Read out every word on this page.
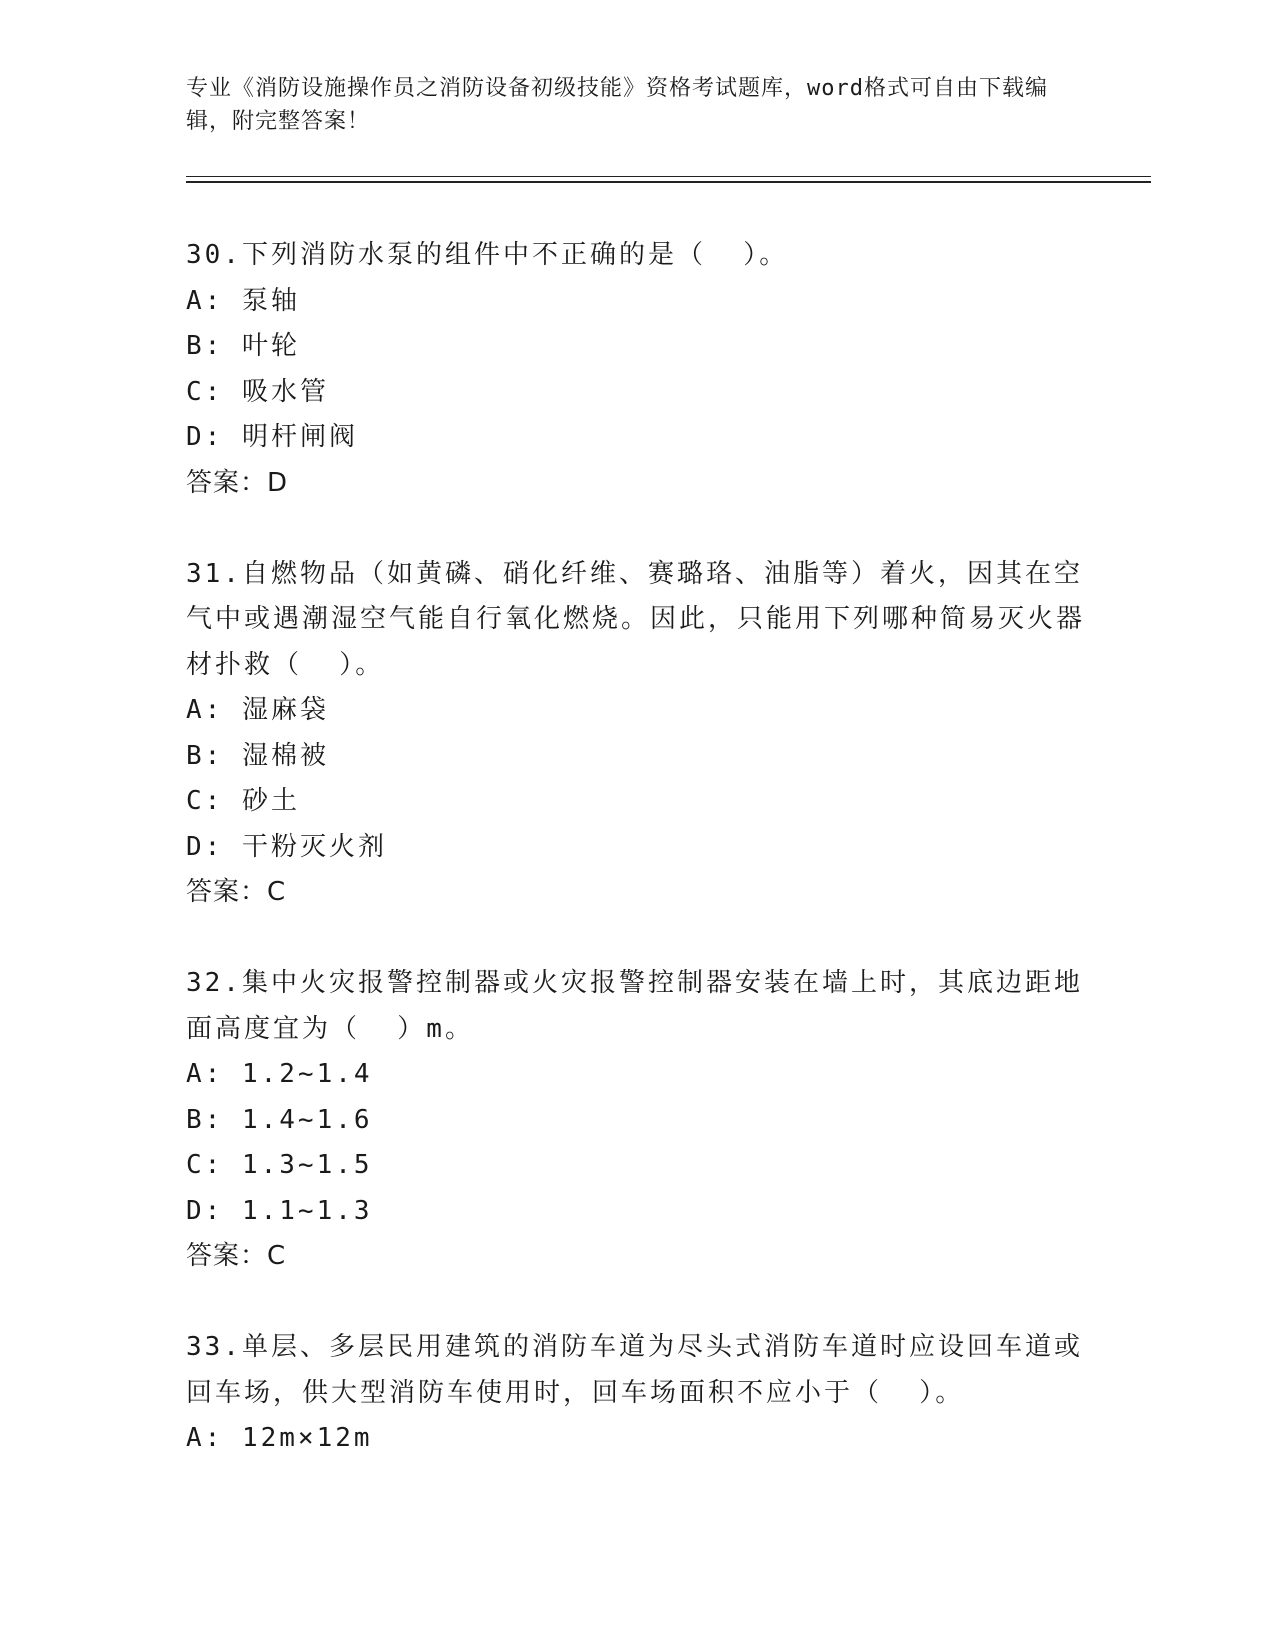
专业《消防设施操作员之消防设备初级技能》资格考试题库，word格式可自由下载编辑，附完整答案！
30.下列消防水泵的组件中不正确的是（  ）。
A: 泵轴
B: 叶轮
C: 吸水管
D: 明杆闸阀
答案：D
31.自燃物品（如黄磷、硝化纤维、赛璐珞、油脂等）着火，因其在空气中或遇潮湿空气能自行氧化燃烧。因此，只能用下列哪种简易灭火器材扑救（  ）。
A: 湿麻袋
B: 湿棉被
C: 砂土
D: 干粉灭火剂
答案：C
32.集中火灾报警控制器或火灾报警控制器安装在墙上时，其底边距地面高度宜为（  ）m。
A: 1.2~1.4
B: 1.4~1.6
C: 1.3~1.5
D: 1.1~1.3
答案：C
33.单层、多层民用建筑的消防车道为尽头式消防车道时应设回车道或回车场，供大型消防车使用时，回车场面积不应小于（  ）。
A: 12m×12m
